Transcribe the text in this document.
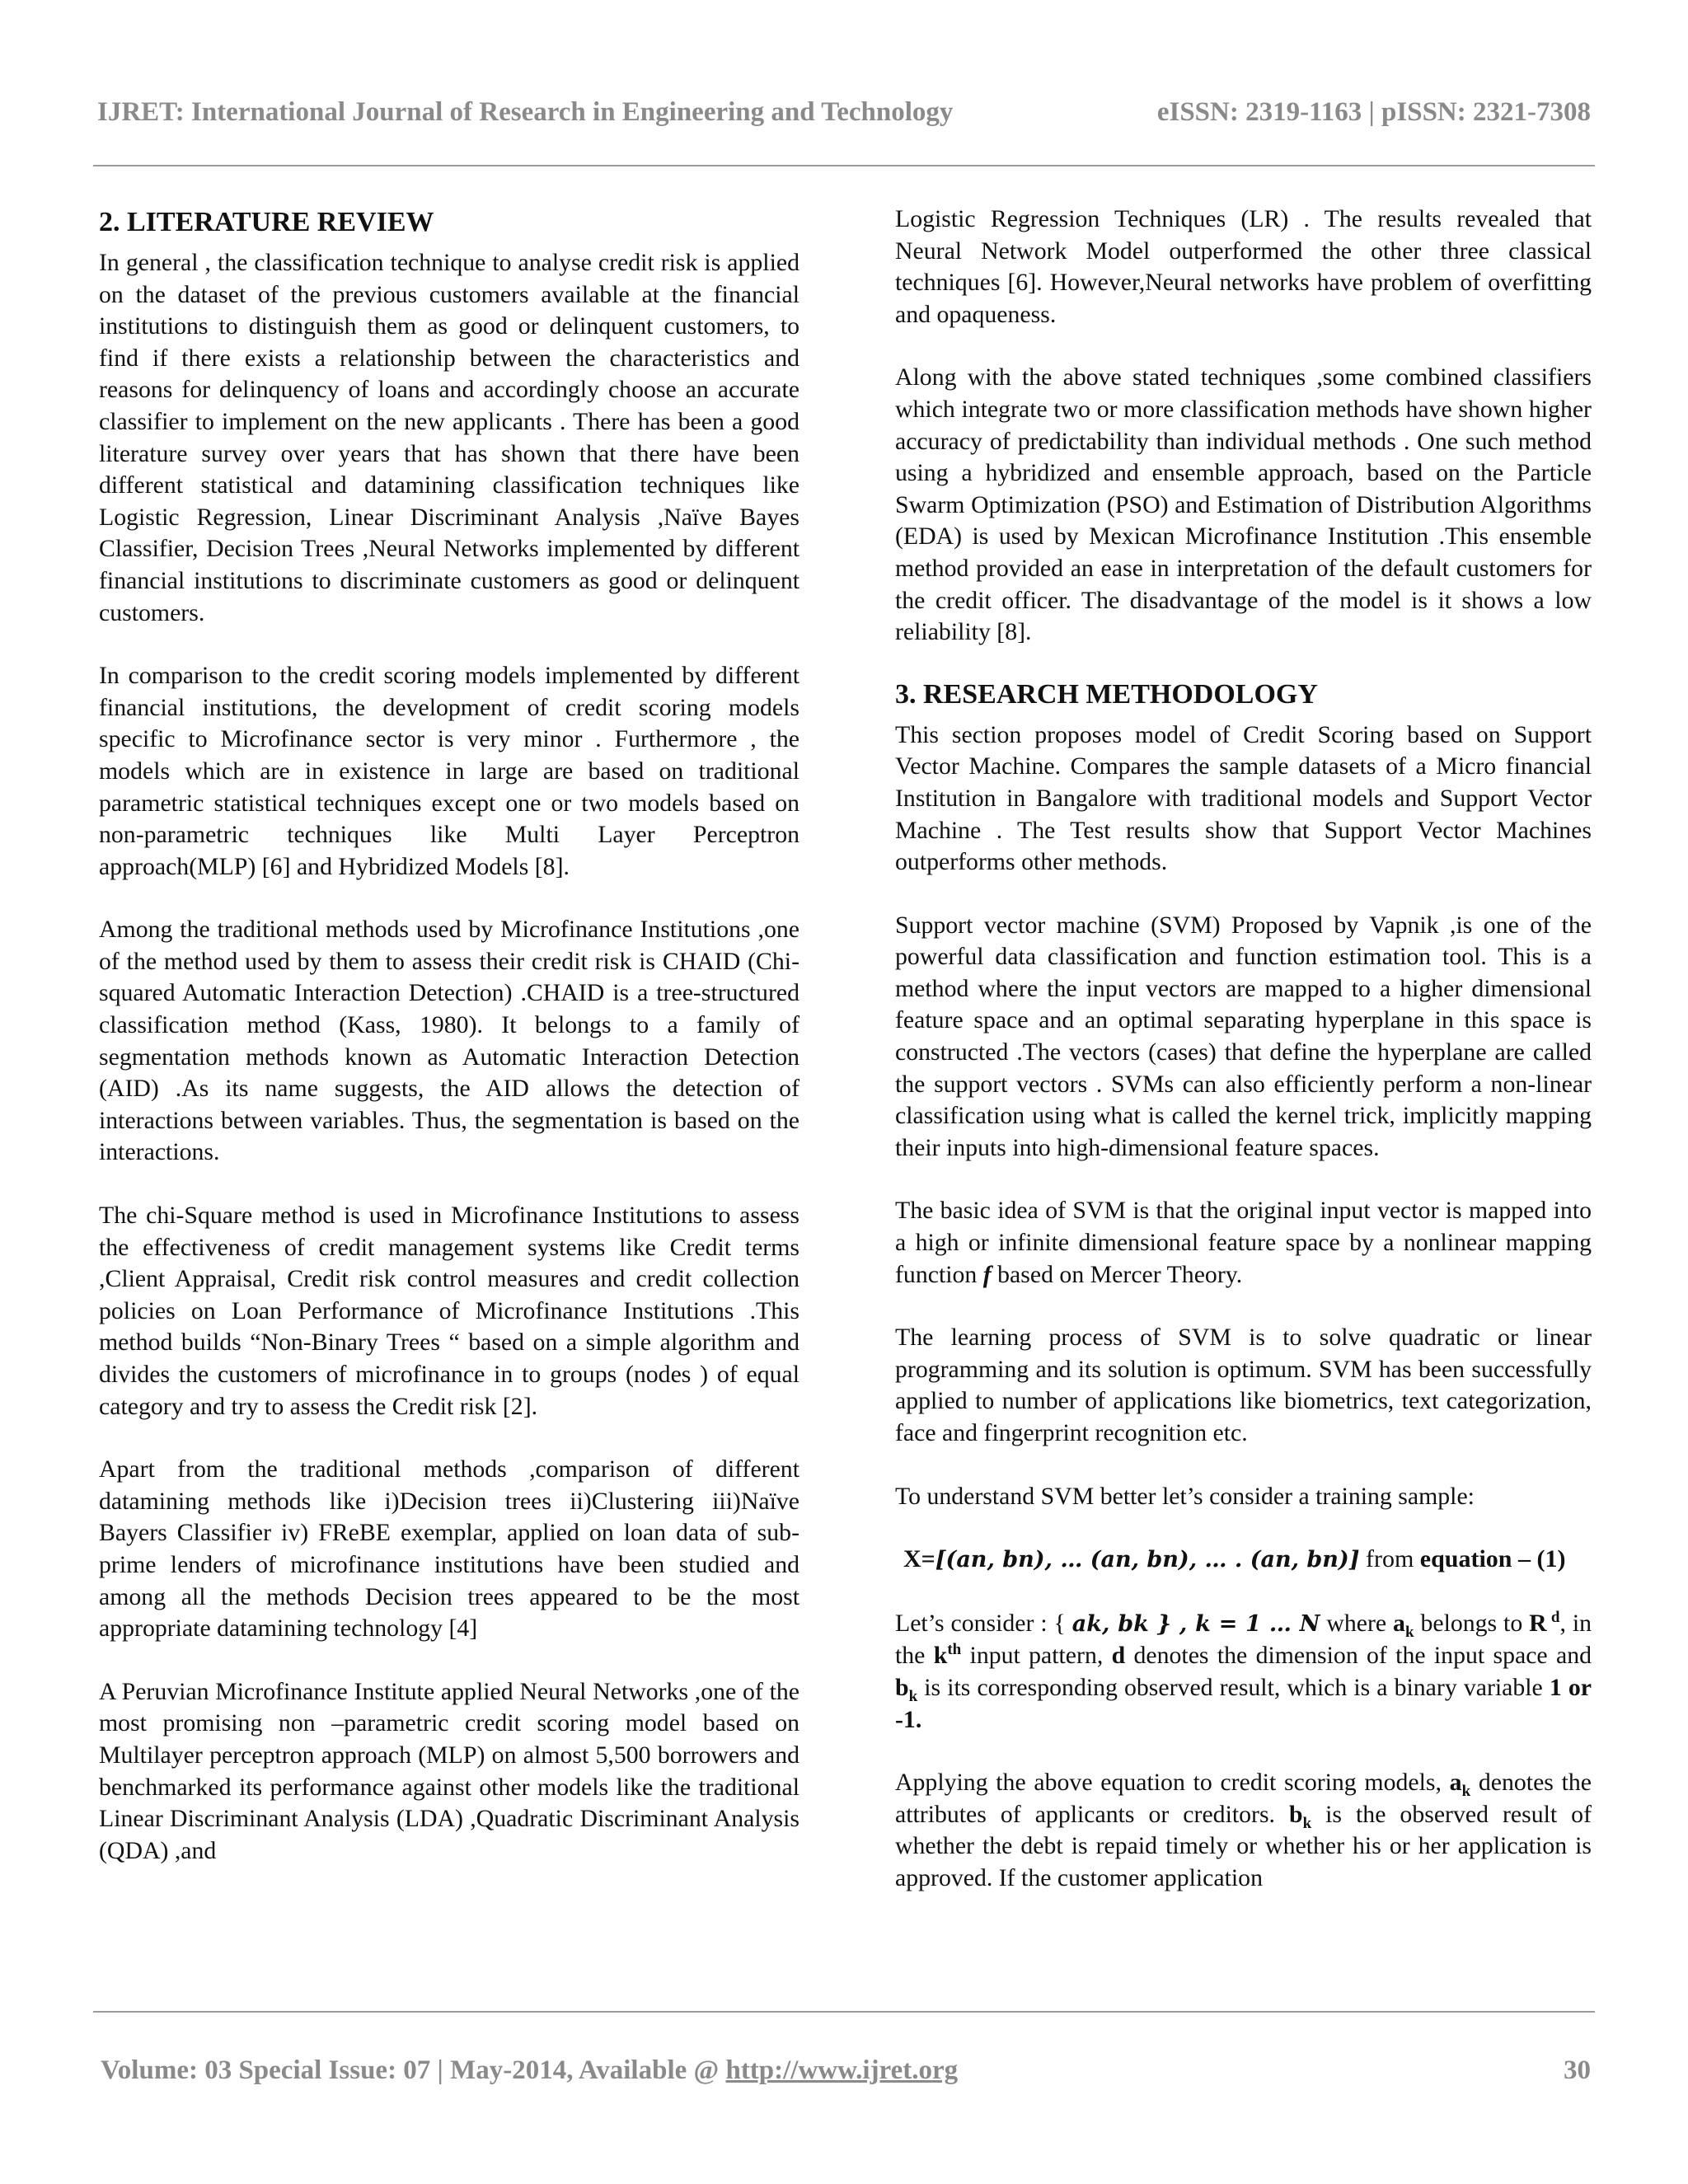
IJRET: International Journal of Research in Engineering and Technology	eISSN: 2319-1163 | pISSN: 2321-7308
2. LITERATURE REVIEW

In general , the classification technique to analyse credit risk is applied on the dataset of the previous customers available at the financial institutions to distinguish them as good or delinquent customers, to find if there exists a relationship between the characteristics and reasons for delinquency of loans and accordingly choose an accurate classifier to implement on the new applicants . There has been a good literature survey over years that has shown that there have been different statistical and datamining classification techniques like Logistic Regression, Linear Discriminant Analysis ,Naïve Bayes Classifier, Decision Trees ,Neural Networks implemented by different financial institutions to discriminate customers as good or delinquent customers.

In comparison to the credit scoring models implemented by different financial institutions, the development of credit scoring models specific to Microfinance sector is very minor . Furthermore , the models which are in existence in large are based on traditional parametric statistical techniques except one or two models based on non-parametric techniques like Multi Layer Perceptron approach(MLP) [6] and Hybridized Models [8].

Among the traditional methods used by Microfinance Institutions ,one of the method used by them to assess their credit risk is CHAID (Chi-squared Automatic Interaction Detection) .CHAID is a tree-structured classification method (Kass, 1980). It belongs to a family of segmentation methods known as Automatic Interaction Detection (AID) .As its name suggests, the AID allows the detection of interactions between variables. Thus, the segmentation is based on the interactions.

The chi-Square method is used in Microfinance Institutions to assess the effectiveness of credit management systems like Credit terms ,Client Appraisal, Credit risk control measures and credit collection policies on Loan Performance of Microfinance Institutions .This method builds “Non-Binary Trees “ based on a simple algorithm and divides the customers of microfinance in to groups (nodes ) of equal category and try to assess the Credit risk [2].

Apart from the traditional methods ,comparison of different datamining methods like i)Decision trees ii)Clustering iii)Naïve Bayers Classifier iv) FReBE exemplar, applied on loan data of sub-prime lenders of microfinance institutions have been studied and among all the methods Decision trees appeared to be the most appropriate datamining technology [4]

A Peruvian Microfinance Institute applied Neural Networks ,one of the most promising non –parametric credit scoring model based on Multilayer perceptron approach (MLP) on almost 5,500 borrowers and benchmarked its performance against other models like the traditional Linear Discriminant Analysis (LDA) ,Quadratic Discriminant Analysis (QDA) ,and

Logistic Regression Techniques (LR) . The results revealed that Neural Network Model outperformed the other three classical techniques [6]. However,Neural networks have problem of overfitting and opaqueness.

Along with the above stated techniques ,some combined classifiers which integrate two or more classification methods have shown higher accuracy of predictability than individual methods . One such method using a hybridized and ensemble approach, based on the Particle Swarm Optimization (PSO) and Estimation of Distribution Algorithms (EDA) is used by Mexican Microfinance Institution .This ensemble method provided an ease in interpretation of the default customers for the credit officer. The disadvantage of the model is it shows a low reliability [8].

3. RESEARCH METHODOLOGY

This section proposes model of Credit Scoring based on Support Vector Machine. Compares the sample datasets of a Micro financial Institution in Bangalore with traditional models and Support Vector Machine . The Test results show that Support Vector Machines outperforms other methods.

Support vector machine (SVM) Proposed by Vapnik ,is one of the powerful data classification and function estimation tool. This is a method where the input vectors are mapped to a higher dimensional feature space and an optimal separating hyperplane in this space is constructed .The vectors (cases) that define the hyperplane are called the support vectors . SVMs can also efficiently perform a non-linear classification using what is called the kernel trick, implicitly mapping their inputs into high-dimensional feature spaces.

The basic idea of SVM is that the original input vector is mapped into a high or infinite dimensional feature space by a nonlinear mapping function f based on Mercer Theory.

The learning process of SVM is to solve quadratic or linear programming and its solution is optimum. SVM has been successfully applied to number of applications like biometrics, text categorization, face and fingerprint recognition etc.

To understand SVM better let’s consider a training sample:

X=[(an, bn), … (an, bn), … . (an, bn)] from equation – (1)

Let’s consider : { ak, bk } , k = 1 … N where $a_k$ belongs to R $^d$, in the $k^{th}$ input pattern, d denotes the dimension of the input space and $b_k$ is its corresponding observed result, which is a binary variable 1 or -1.

Applying the above equation to credit scoring models, $a_k$ denotes the attributes of applicants or creditors. $b_k$ is the observed result of whether the debt is repaid timely or whether his or her application is approved. If the customer application

Volume: 03 Special Issue: 07 | May-2014, Available @ http://www.ijret.org	30
